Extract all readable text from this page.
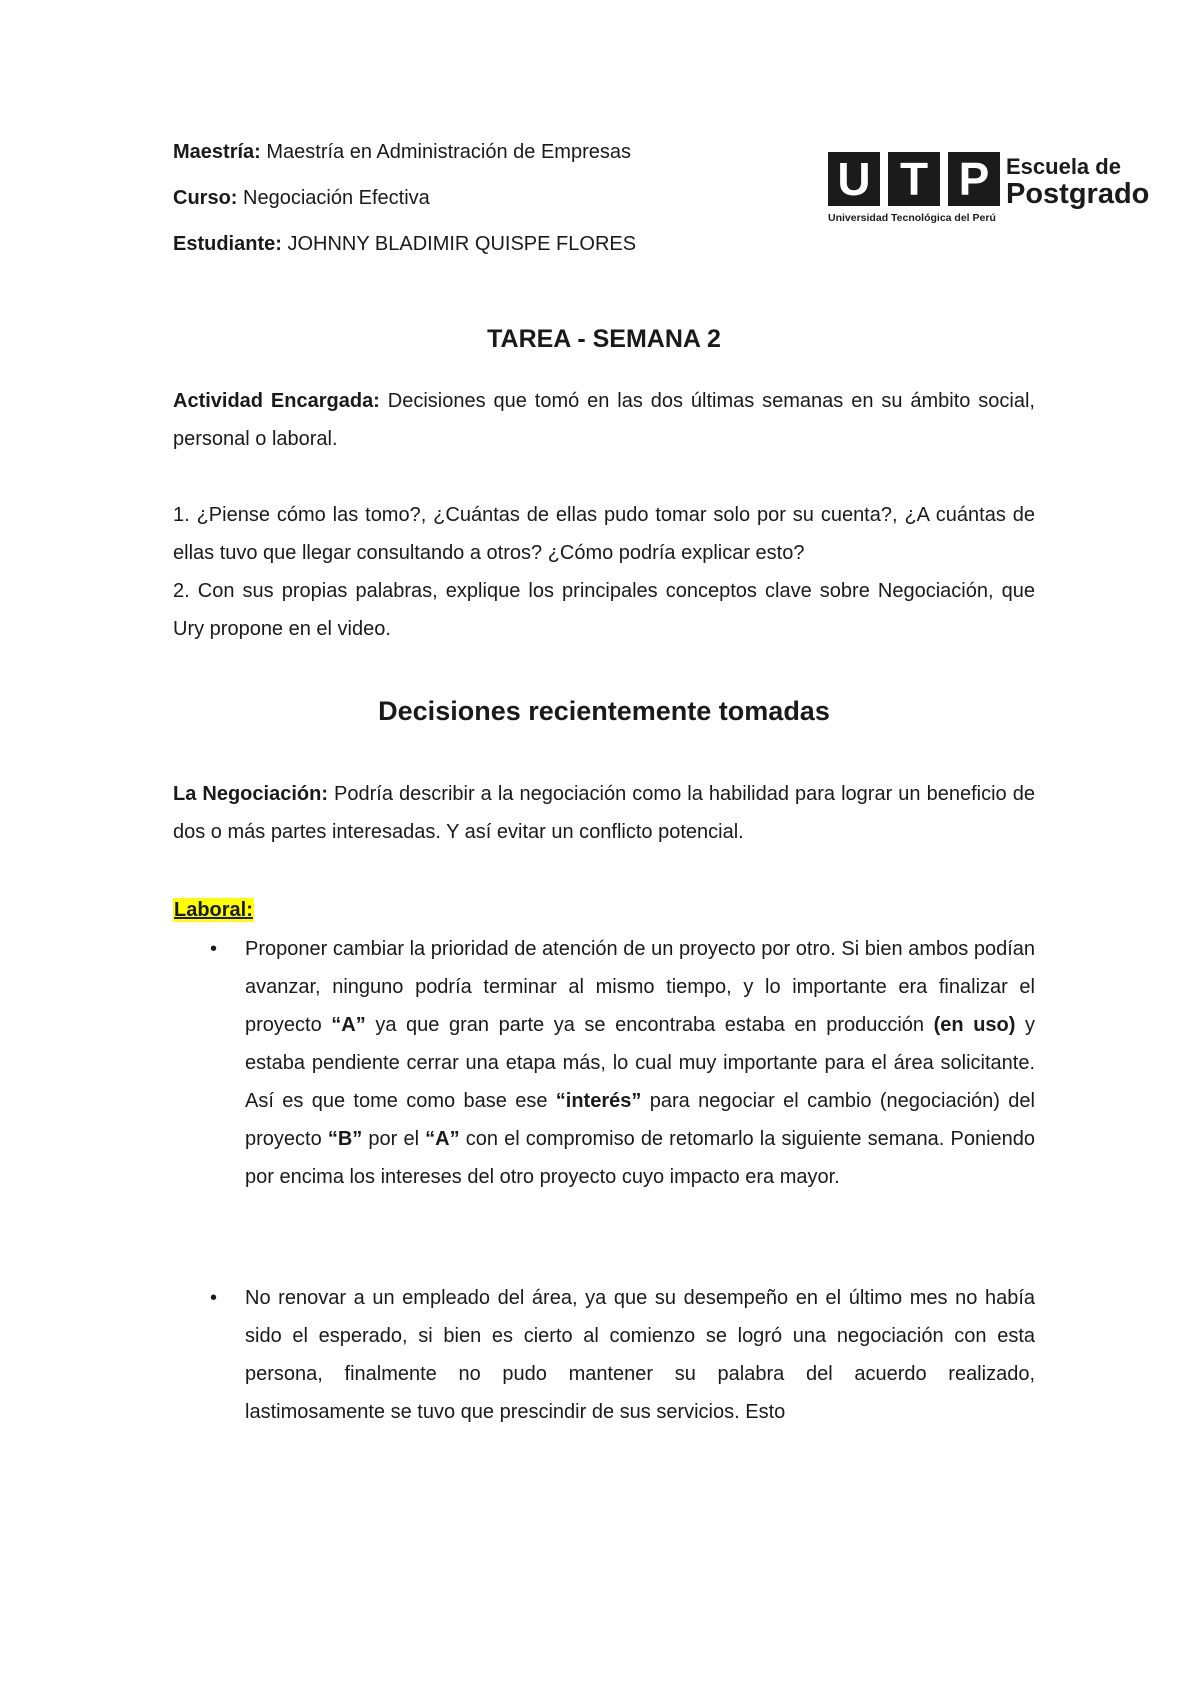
Maestría: Maestría en Administración de Empresas
Curso: Negociación Efectiva
Estudiante: JOHNNY BLADIMIR QUISPE FLORES
U T P Escuela de
Postgrado
Universidad Tecnológica del Perú
TAREA - SEMANA 2
Actividad Encargada: Decisiones que tomó en las dos últimas semanas en su ámbito social, personal o laboral.
1. ¿Piense cómo las tomo?, ¿Cuántas de ellas pudo tomar solo por su cuenta?, ¿A cuántas de ellas tuvo que llegar consultando a otros? ¿Cómo podría explicar esto?
2. Con sus propias palabras, explique los principales conceptos clave sobre Negociación, que Ury propone en el video.
Decisiones recientemente tomadas
La Negociación: Podría describir a la negociación como la habilidad para lograr un beneficio de dos o más partes interesadas. Y así evitar un conflicto potencial.
Laboral:
• Proponer cambiar la prioridad de atención de un proyecto por otro. Si bien ambos podían avanzar, ninguno podría terminar al mismo tiempo, y lo importante era finalizar el proyecto “A” ya que gran parte ya se encontraba estaba en producción (en uso) y estaba pendiente cerrar una etapa más, lo cual muy importante para el área solicitante. Así es que tome como base ese “interés” para negociar el cambio (negociación) del proyecto “B” por el “A” con el compromiso de retomarlo la siguiente semana. Poniendo por encima los intereses del otro proyecto cuyo impacto era mayor.
• No renovar a un empleado del área, ya que su desempeño en el último mes no había sido el esperado, si bien es cierto al comienzo se logró una negociación con esta persona, finalmente no pudo mantener su palabra del acuerdo realizado, lastimosamente se tuvo que prescindir de sus servicios. Esto
